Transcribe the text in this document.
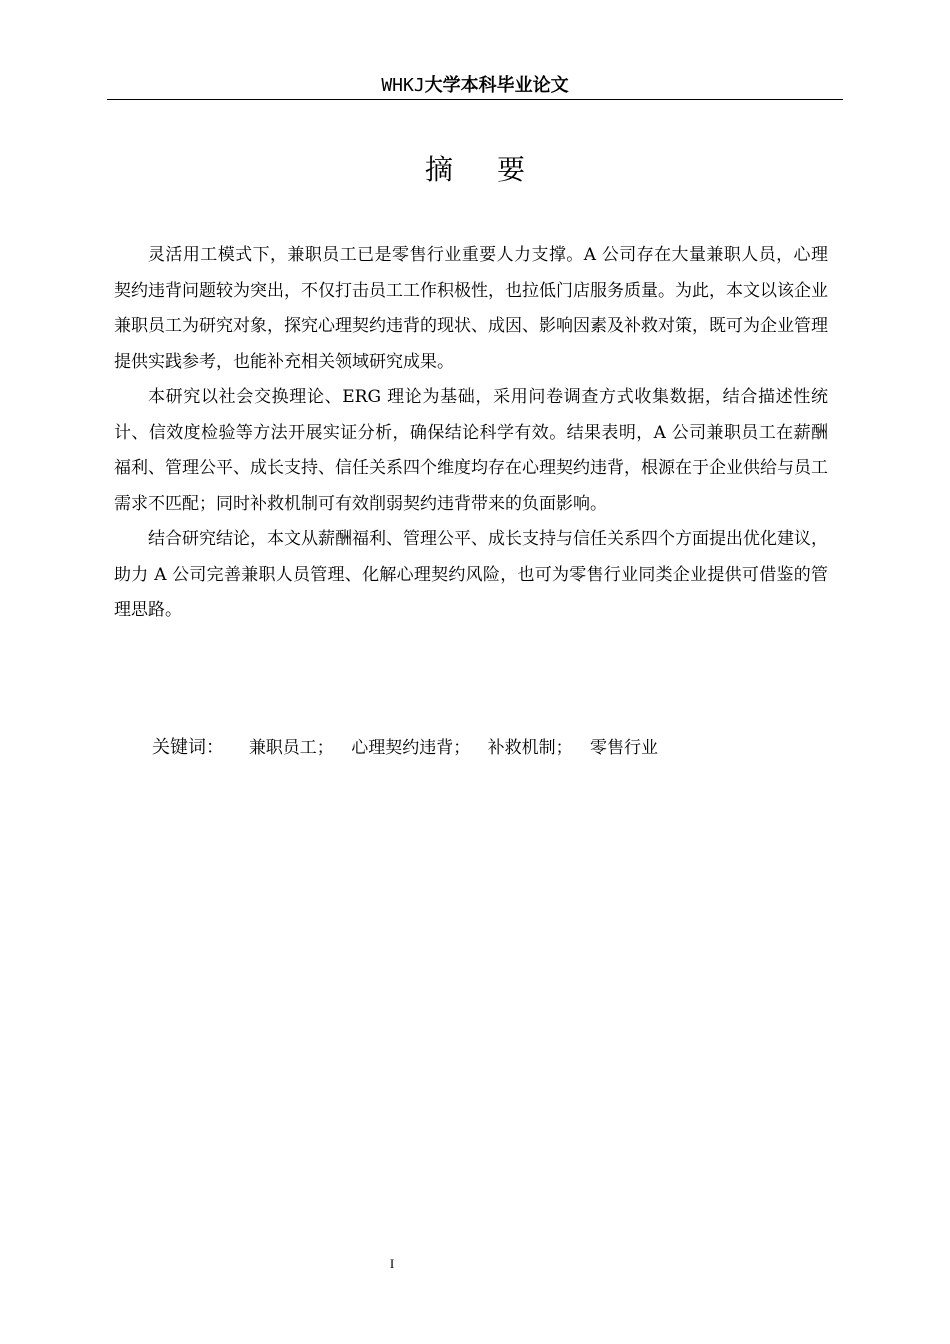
WHKJ大学本科毕业论文
摘要

灵活用工模式下，兼职员工已是零售行业重要人力支撑。A 公司存在大量兼职人员，心理契约违背问题较为突出，不仅打击员工工作积极性，也拉低门店服务质量。为此，本文以该企业兼职员工为研究对象，探究心理契约违背的现状、成因、影响因素及补救对策，既可为企业管理提供实践参考，也能补充相关领域研究成果。

本研究以社会交换理论、ERG 理论为基础，采用问卷调查方式收集数据，结合描述性统计、信效度检验等方法开展实证分析，确保结论科学有效。结果表明，A 公司兼职员工在薪酬福利、管理公平、成长支持、信任关系四个维度均存在心理契约违背，根源在于企业供给与员工需求不匹配；同时补救机制可有效削弱契约违背带来的负面影响。

结合研究结论，本文从薪酬福利、管理公平、成长支持与信任关系四个方面提出优化建议，助力 A 公司完善兼职人员管理、化解心理契约风险，也可为零售行业同类企业提供可借鉴的管理思路。

关键词： 兼职员工； 心理契约违背； 补救机制； 零售行业
I
